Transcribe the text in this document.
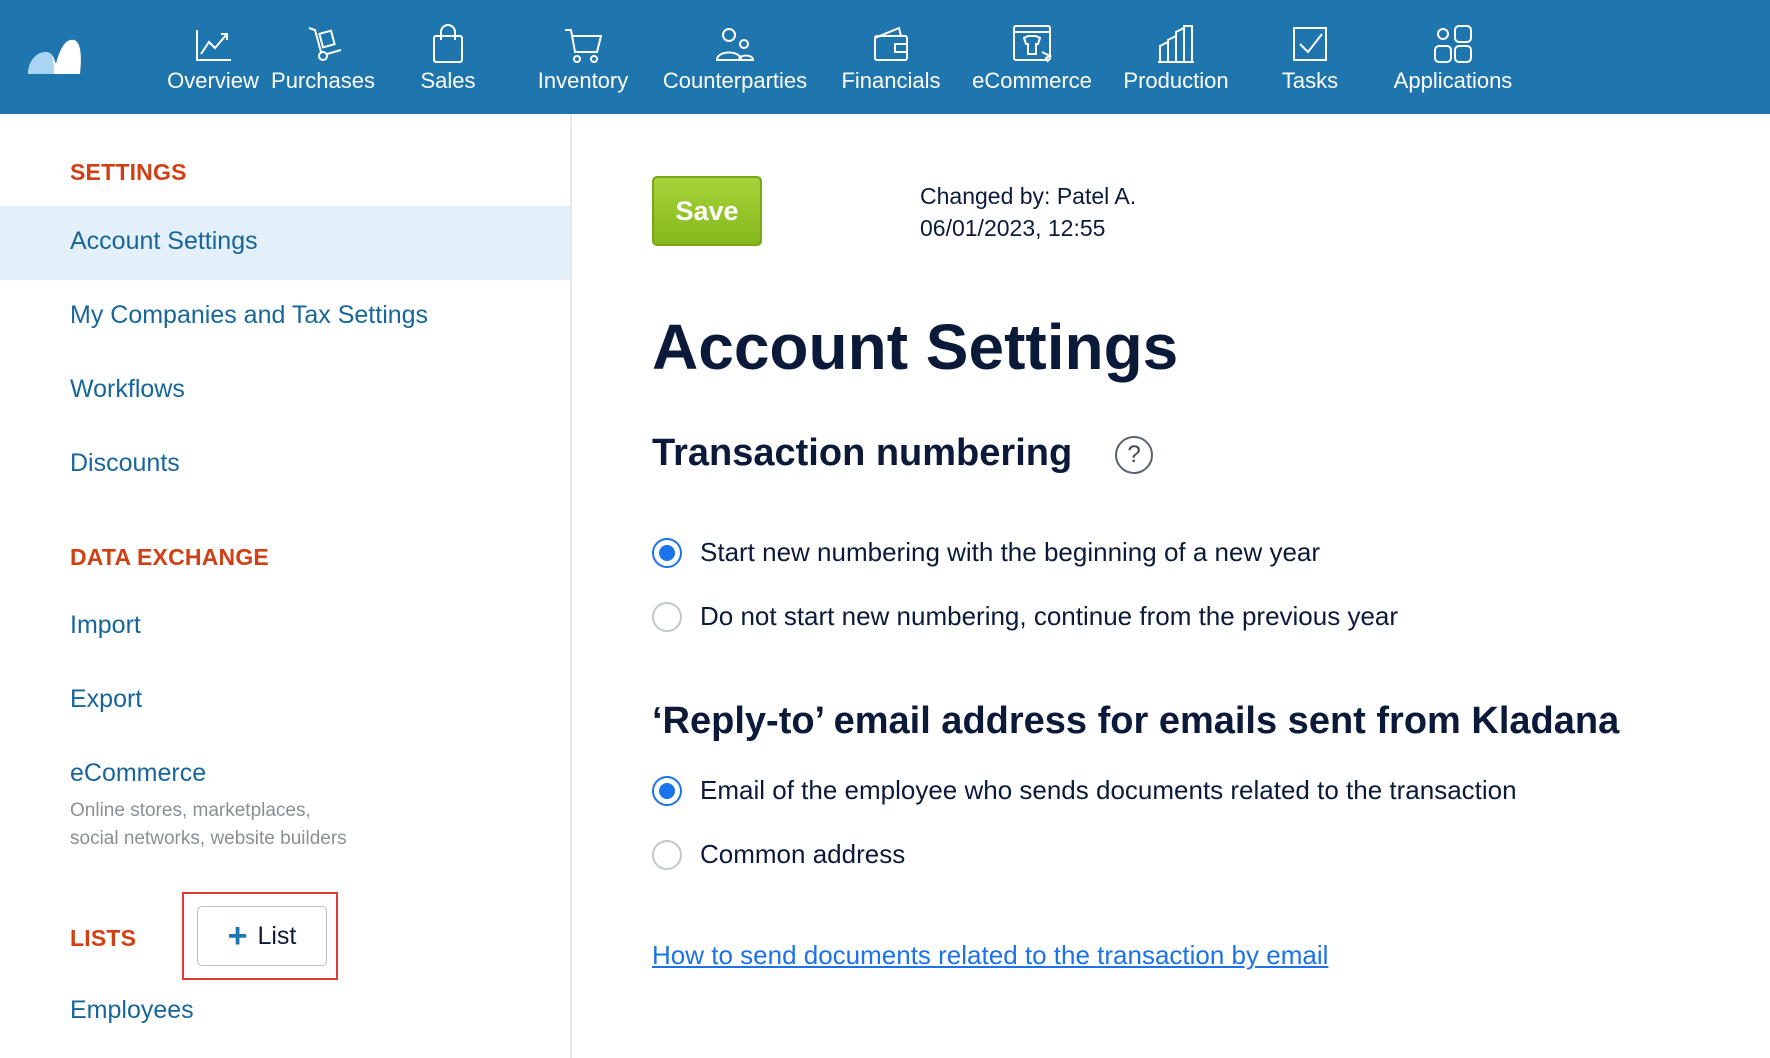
Overview Purchases Sales	Inventory Counterparties Financials eCommerce Production Tasks	Applications
SETTINGS
Account Settings
My Companies and Tax Settings
Workflows
Discounts
DATA EXCHANGE
Import
Export
eCommerce
Online stores, marketplaces,
social networks, website builders
LISTS	+ List
Employees
Save	Changed by: Patel A.
06/01/2023, 12:55
Account Settings
Transaction numbering	?
Start new numbering with the beginning of a new year
Do not start new numbering, continue from the previous year
‘Reply-to’ email address for emails sent from Kladana
Email of the employee who sends documents related to the transaction
Common address
How to send documents related to the transaction by email
